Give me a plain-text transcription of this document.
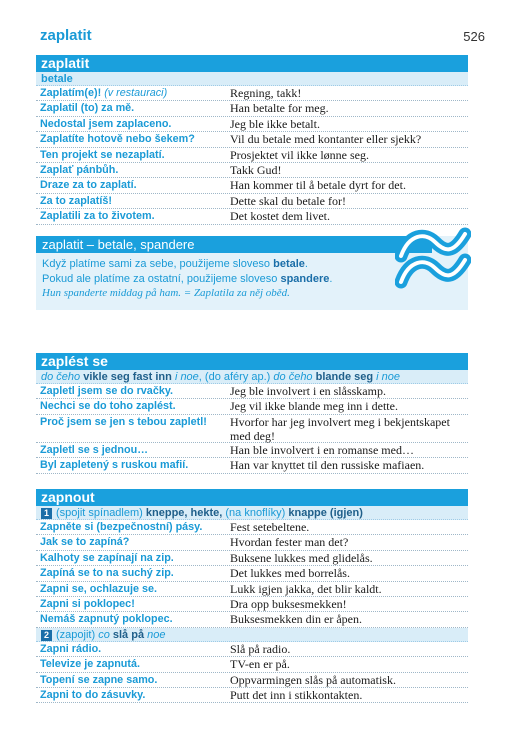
zaplatit	526
zaplatit
betale
Zaplatím(e)! (v restauraci)	Regning, takk!
Zaplatil (to) za mě.	Han betalte for meg.
Nedostal jsem zaplaceno.	Jeg ble ikke betalt.
Zaplatíte hotově nebo šekem?	Vil du betale med kontanter eller sjekk?
Ten projekt se nezaplatí.	Prosjektet vil ikke lønne seg.
Zaplať pánbůh.	Takk Gud!
Draze za to zaplatí.	Han kommer til å betale dyrt for det.
Za to zaplatíš!	Dette skal du betale for!
Zaplatili za to životem.	Det kostet dem livet.
zaplatit – betale, spandere
Když platíme sami za sebe, použijeme sloveso betale.
Pokud ale platíme za ostatní, použijeme sloveso spandere.
Hun spanderte middag på ham. = Zaplatila za něj oběd.
zaplést se
do čeho vikle seg fast inn i noe, (do aféry ap.) do čeho blande seg i noe
Zapletl jsem se do rvačky.	Jeg ble involvert i en slåsskamp.
Nechci se do toho zaplést.	Jeg vil ikke blande meg inn i dette.
Proč jsem se jen s tebou zapletl!	Hvorfor har jeg involvert meg i bekjentskapet med deg!
Zapletl se s jednou…	Han ble involvert i en romanse med…
Byl zapletený s ruskou mafií.	Han var knyttet til den russiske mafiaen.
zapnout
1 (spojit spínadlem) kneppe, hekte, (na knoflíky) knappe (igjen)
Zapněte si (bezpečnostní) pásy.	Fest setebeltene.
Jak se to zapíná?	Hvordan fester man det?
Kalhoty se zapínají na zip.	Buksene lukkes med glidelås.
Zapíná se to na suchý zip.	Det lukkes med borrelås.
Zapni se, ochlazuje se.	Lukk igjen jakka, det blir kaldt.
Zapni si poklopec!	Dra opp buksesmekken!
Nemáš zapnutý poklopec.	Buksesmekken din er åpen.
2 (zapojit) co slå på noe
Zapni rádio.	Slå på radio.
Televize je zapnutá.	TV-en er på.
Topení se zapne samo.	Oppvarmingen slås på automatisk.
Zapni to do zásuvky.	Putt det inn i stikkontakten.
